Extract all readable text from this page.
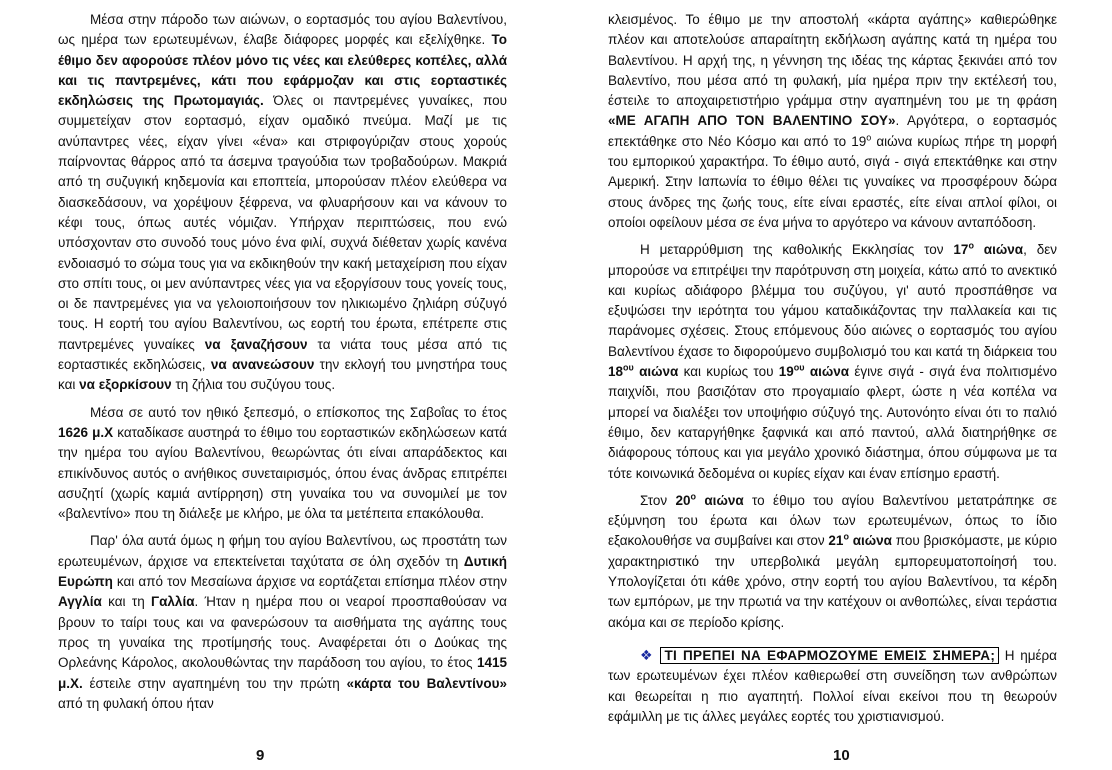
Μέσα στην πάροδο των αιώνων, ο εορτασμός του αγίου Βαλεντίνου, ως ημέρα των ερωτευμένων, έλαβε διάφορες μορφές και εξελίχθηκε. Το έθιμο δεν αφορούσε πλέον μόνο τις νέες και ελεύθερες κοπέλες, αλλά και τις παντρεμένες, κάτι που εφάρμοζαν και στις εορταστικές εκδηλώσεις της Πρωτομαγιάς. Όλες οι παντρεμένες γυναίκες, που συμμετείχαν στον εορτασμό, είχαν ομαδικό πνεύμα. Μαζί με τις ανύπαντρες νέες, είχαν γίνει «ένα» και στριφογύριζαν στους χορούς παίρνοντας θάρρος από τα άσεμνα τραγούδια των τροβαδούρων. Μακριά από τη συζυγική κηδεμονία και εποπτεία, μπορούσαν πλέον ελεύθερα να διασκεδάσουν, να χορέψουν ξέφρενα, να φλυαρήσουν και να κάνουν το κέφι τους, όπως αυτές νόμιζαν. Υπήρχαν περιπτώσεις, που ενώ υπόσχονταν στο συνοδό τους μόνο ένα φιλί, συχνά διέθεταν χωρίς κανένα ενδοιασμό το σώμα τους για να εκδικηθούν την κακή μεταχείριση που είχαν στο σπίτι τους, οι μεν ανύπαντρες νέες για να εξοργίσουν τους γονείς τους, οι δε παντρεμένες για να γελοιοποιήσουν τον ηλικιωμένο ζηλιάρη σύζυγό τους. Η εορτή του αγίου Βαλεντίνου, ως εορτή του έρωτα, επέτρεπε στις παντρεμένες γυναίκες να ξαναζήσουν τα νιάτα τους μέσα από τις εορταστικές εκδηλώσεις, να ανανεώσουν την εκλογή του μνηστήρα τους και να εξορκίσουν τη ζήλια του συζύγου τους.

Μέσα σε αυτό τον ηθικό ξεπεσμό, ο επίσκοπος της Σαβοΐας το έτος 1626 μ.Χ καταδίκασε αυστηρά το έθιμο του εορταστικών εκδηλώσεων κατά την ημέρα του αγίου Βαλεντίνου, θεωρώντας ότι είναι απαράδεκτος και επικίνδυνος αυτός ο ανήθικος συνεταιρισμός, όπου ένας άνδρας επιτρέπει ασυζητί (χωρίς καμιά αντίρρηση) στη γυναίκα του να συνομιλεί με τον «βαλεντίνο» που τη διάλεξε με κλήρο, με όλα τα μετέπειτα επακόλουθα.

Παρ' όλα αυτά όμως η φήμη του αγίου Βαλεντίνου, ως προστάτη των ερωτευμένων, άρχισε να επεκτείνεται ταχύτατα σε όλη σχεδόν τη Δυτική Ευρώπη και από τον Μεσαίωνα άρχισε να εορτάζεται επίσημα πλέον στην Αγγλία και τη Γαλλία. Ήταν η ημέρα που οι νεαροί προσπαθούσαν να βρουν το ταίρι τους και να φανερώσουν τα αισθήματα της αγάπης τους προς τη γυναίκα της προτίμησής τους. Αναφέρεται ότι ο Δούκας της Ορλεάνης Κάρολος, ακολουθώντας την παράδοση του αγίου, το έτος 1415 μ.Χ. έστειλε στην αγαπημένη του την πρώτη «κάρτα του Βαλεντίνου» από τη φυλακή όπου ήταν

9

κλεισμένος. Το έθιμο με την αποστολή «κάρτα αγάπης» καθιερώθηκε πλέον και αποτελούσε απαραίτητη εκδήλωση αγάπης κατά τη ημέρα του Βαλεντίνου. Η αρχή της, η γέννηση της ιδέας της κάρτας ξεκινάει από τον Βαλεντίνο, που μέσα από τη φυλακή, μία ημέρα πριν την εκτέλεσή του, έστειλε το αποχαιρετιστήριο γράμμα στην αγαπημένη του με τη φράση «ΜΕ ΑΓΑΠΗ ΑΠΟ ΤΟΝ ΒΑΛΕΝΤΙΝΟ ΣΟΥ». Αργότερα, ο εορτασμός επεκτάθηκε στο Νέο Κόσμο και από το $19^o$ αιώνα κυρίως πήρε τη μορφή του εμπορικού χαρακτήρα. Το έθιμο αυτό, σιγά - σιγά επεκτάθηκε και στην Αμερική. Στην Ιαπωνία το έθιμο θέλει τις γυναίκες να προσφέρουν δώρα στους άνδρες της ζωής τους, είτε είναι εραστές, είτε είναι απλοί φίλοι, οι οποίοι οφείλουν μέσα σε ένα μήνα το αργότερο να κάνουν ανταπόδοση.

Η μεταρρύθμιση της καθολικής Εκκλησίας τον $17^o$ αιώνα, δεν μπορούσε να επιτρέψει την παρότρυνση στη μοιχεία, κάτω από το ανεκτικό και κυρίως αδιάφορο βλέμμα του συζύγου, γι' αυτό προσπάθησε να εξυψώσει την ιερότητα του γάμου καταδικάζοντας την παλλακεία και τις παράνομες σχέσεις. Στους επόμενους δύο αιώνες ο εορτασμός του αγίου Βαλεντίνου έχασε το διφορούμενο συμβολισμό του και κατά τη διάρκεια του $18^{o\upsilon}$ αιώνα και κυρίως του $19^{o\upsilon}$ αιώνα έγινε σιγά - σιγά ένα πολιτισμένο παιχνίδι, που βασιζόταν στο προγαμιαίο φλερτ, ώστε η νέα κοπέλα να μπορεί να διαλέξει τον υποψήφιο σύζυγό της. Αυτονόητο είναι ότι το παλιό έθιμο, δεν καταργήθηκε ξαφνικά και από παντού, αλλά διατηρήθηκε σε διάφορους τόπους και για μεγάλο χρονικό διάστημα, όπου σύμφωνα με τα τότε κοινωνικά δεδομένα οι κυρίες είχαν και έναν επίσημο εραστή.

Στον $20^o$ αιώνα το έθιμο του αγίου Βαλεντίνου μετατράπηκε σε εξύμνηση του έρωτα και όλων των ερωτευμένων, όπως το ίδιο εξακολουθήσε να συμβαίνει και στον $21^o$ αιώνα που βρισκόμαστε, με κύριο χαρακτηριστικό την υπερβολικά μεγάλη εμπορευματοποίησή του. Υπολογίζεται ότι κάθε χρόνο, στην εορτή του αγίου Βαλεντίνου, τα κέρδη των εμπόρων, με την πρωτιά να την κατέχουν οι ανθοπώλες, είναι τεράστια ακόμα και σε περίοδο κρίσης.

❖ ΤΙ ΠΡΕΠΕΙ ΝΑ ΕΦΑΡΜΟΖΟΥΜΕ ΕΜΕΙΣ ΣΗΜΕΡΑ; Η ημέρα των ερωτευμένων έχει πλέον καθιερωθεί στη συνείδηση των ανθρώπων και θεωρείται η πιο αγαπητή. Πολλοί είναι εκείνοι που τη θεωρούν εφάμιλλη με τις άλλες μεγάλες εορτές του χριστιανισμού.

10
